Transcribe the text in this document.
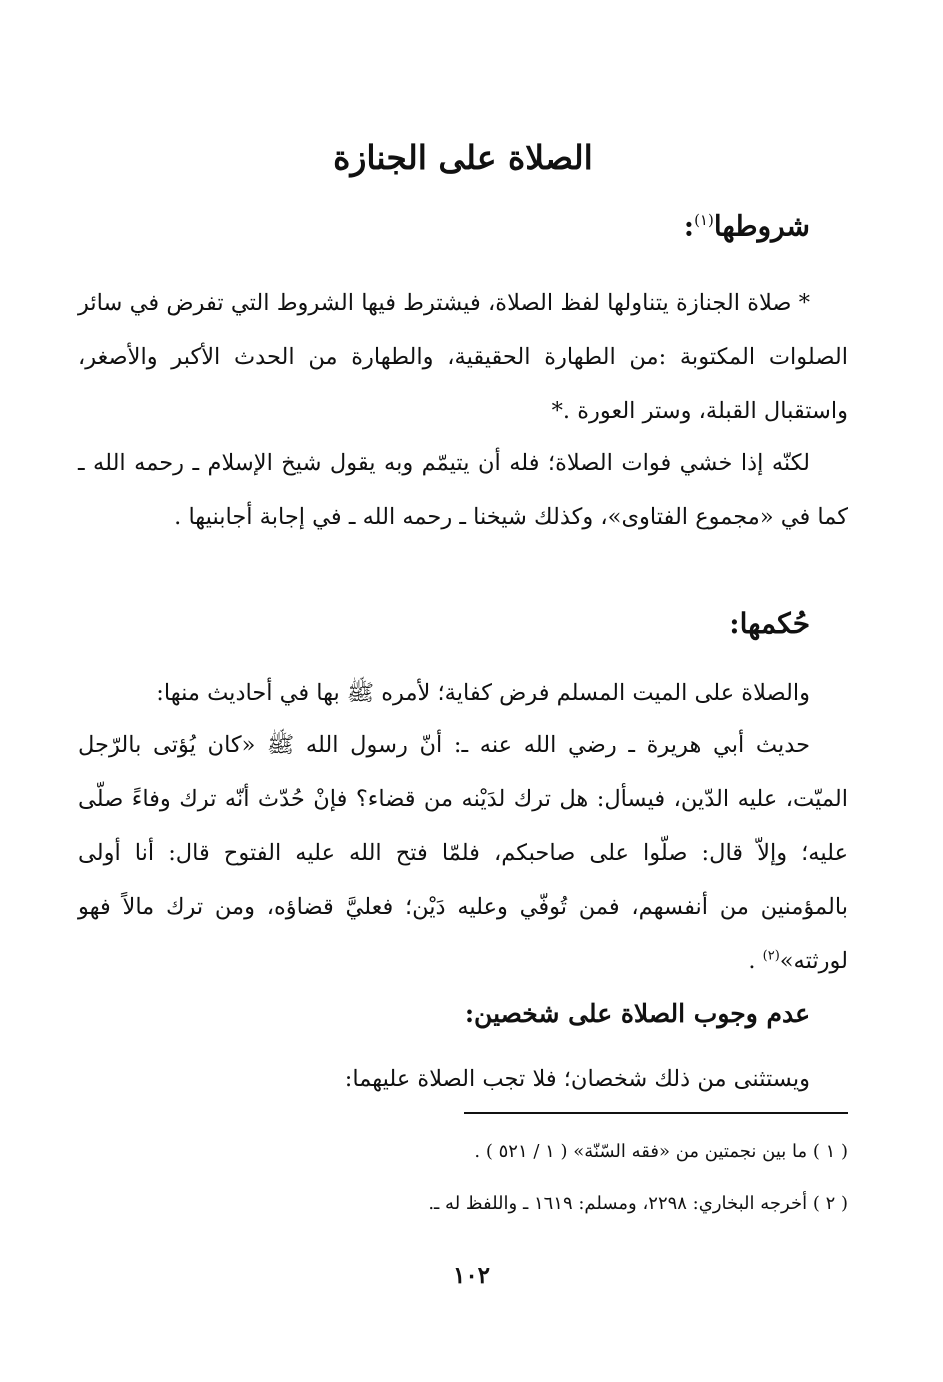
الصلاة على الجنازة
شروطها$^{(١)}$:
* صلاة الجنازة يتناولها لفظ الصلاة، فيشترط فيها الشروط التي تفرض في سائر الصلوات المكتوبة :من الطهارة الحقيقية، والطهارة من الحدث الأكبر والأصغر، واستقبال القبلة، وستر العورة .*
لكنّه إذا خشي فوات الصلاة؛ فله أن يتيمّم وبه يقول شيخ الإسلام ـ رحمه الله ـ كما في «مجموع الفتاوى»، وكذلك شيخنا ـ رحمه الله ـ في إجابة أجابنيها .
حُكمها:
والصلاة على الميت المسلم فرض كفاية؛ لأمره ﷺ بها في أحاديث منها:
حديث أبي هريرة ـ رضي الله عنه ـ: أنّ رسول الله ﷺ «كان يُؤتى بالرّجل الميّت، عليه الدّين، فيسأل: هل ترك لدَيْنه من قضاء؟ فإنْ حُدّث أنّه ترك وفاءً صلّى عليه؛ وإلاّ قال: صلّوا على صاحبكم، فلمّا فتح الله عليه الفتوح قال: أنا أولى بالمؤمنين من أنفسهم، فمن تُوفّي وعليه دَيْن؛ فعليَّ قضاؤه، ومن ترك مالاً فهو لورثته»$^{(٢)}$ .
عدم وجوب الصلاة على شخصين:
ويستثنى من ذلك شخصان؛ فلا تجب الصلاة عليهما:
( ١ ) ما بين نجمتين من «فقه السّنّة» ( ١ / ٥٢١ ) .
( ٢ ) أخرجه البخاري: ٢٢٩٨، ومسلم: ١٦١٩ ـ واللفظ له ـ.
١٠٢
